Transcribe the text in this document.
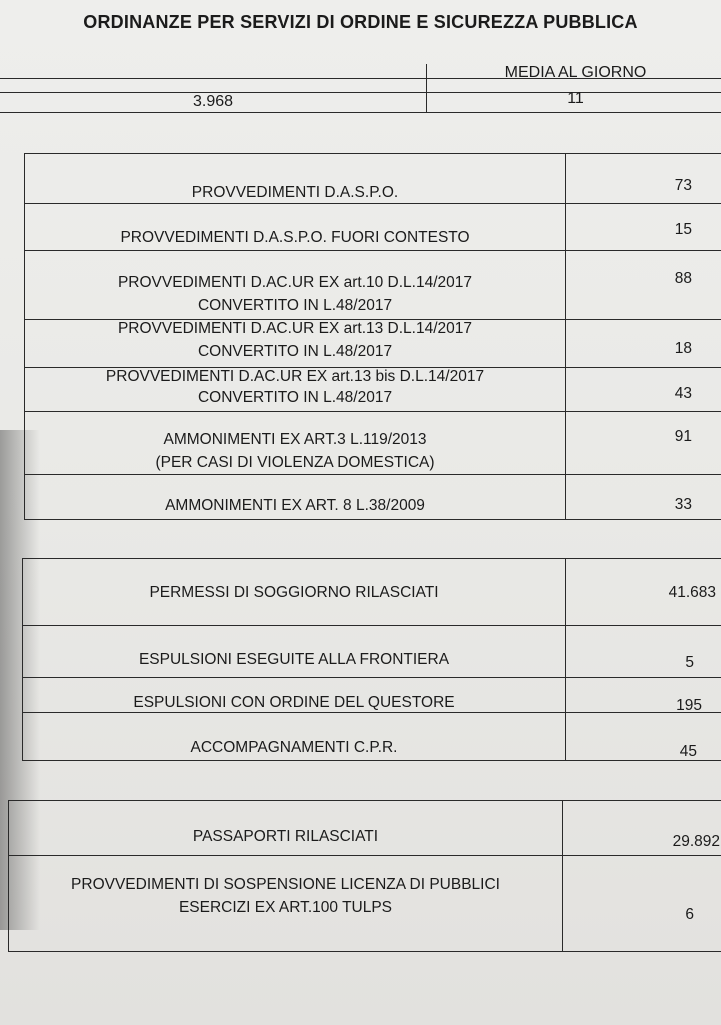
ORDINANZE PER SERVIZI DI ORDINE E SICUREZZA PUBBLICA
MEDIA AL GIORNO
3.968	11
PROVVEDIMENTI D.A.S.P.O.	73
PROVVEDIMENTI D.A.S.P.O. FUORI CONTESTO	15
PROVVEDIMENTI D.AC.UR EX art.10 D.L.14/2017
CONVERTITO IN L.48/2017
88
PROVVEDIMENTI D.AC.UR EX art.13 D.L.14/2017
CONVERTITO IN L.48/2017	18
PROVVEDIMENTI D.AC.UR EX art.13 bis D.L.14/2017
CONVERTITO IN L.48/2017	43
AMMONIMENTI EX ART.3 L.119/2013
(PER CASI DI VIOLENZA DOMESTICA)
91
AMMONIMENTI EX ART. 8 L.38/2009	33
PERMESSI DI SOGGIORNO RILASCIATI	41.683
ESPULSIONI ESEGUITE ALLA FRONTIERA	5
ESPULSIONI CON ORDINE DEL QUESTORE	195
ACCOMPAGNAMENTI C.P.R.	45
PASSAPORTI RILASCIATI	29.892
PROVVEDIMENTI DI SOSPENSIONE LICENZA DI PUBBLICI
ESERCIZI EX ART.100 TULPS	6
